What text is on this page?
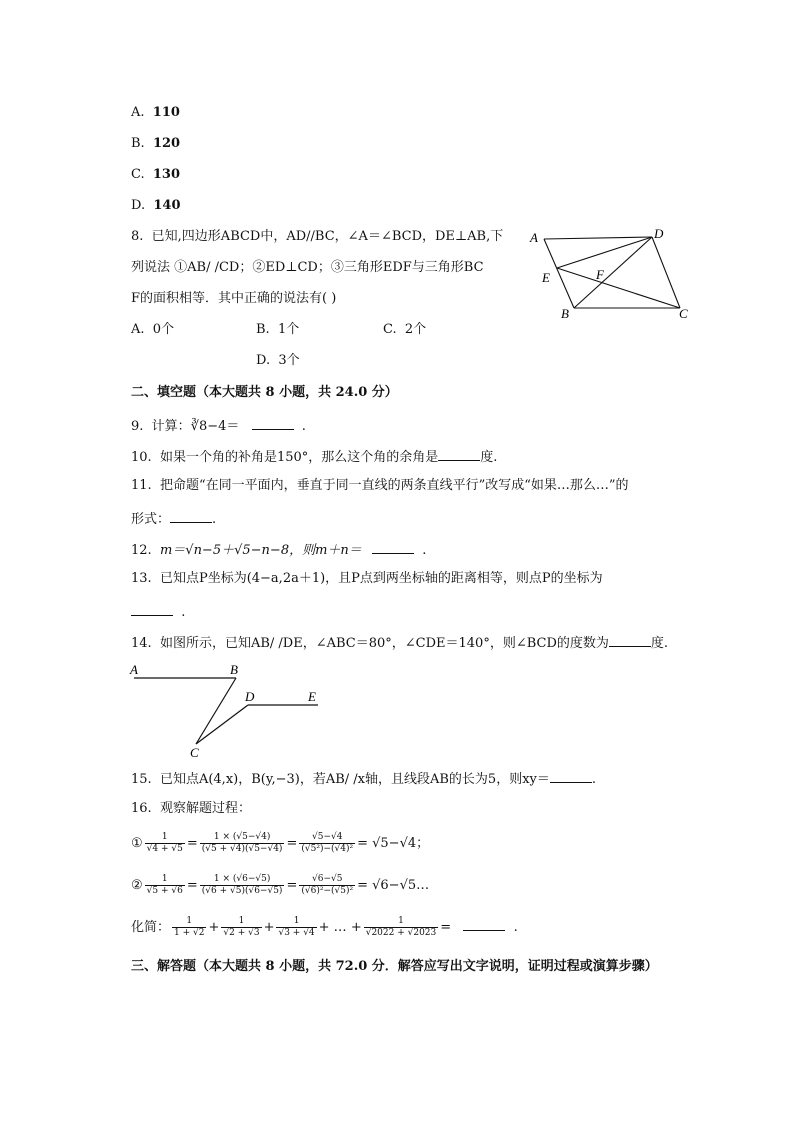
A. 110
B. 120
C. 130
D. 140
8. 已知,四边形ABCD中，AD//BC，∠A＝∠BCD，DE⊥AB,下
列说法 ①AB/ /CD；②ED⊥CD；③三角形EDF与三角形BC
F的面积相等．其中正确的说法有( )
A. 0个	B. 1个	C. 2个
D. 3个
A	D
E	F
B	C
二、填空题（本大题共 8 小题，共 24.0 分）
9. 计算：∛8−4＝	.
10. 如果一个角的补角是150°，那么这个角的余角是	度.
11. 把命题“在同一平面内，垂直于同一直线的两条直线平行”改写成“如果…那么…”的
形式：	.
12. m＝√n−5＋√5−n−8，则m＋n＝	.
13. 已知点P坐标为(4−a,2a＋1)，且P点到两坐标轴的距离相等，则点P的坐标为
.
14. 如图所示，已知AB/ /DE，∠ABC＝80°，∠CDE＝140°，则∠BCD的度数为	度.
A	B
D	E
C
15. 已知点A(4,x)，B(y,−3)，若AB/ /x轴，且线段AB的长为5，则xy＝	.
16. 观察解题过程：
① $\frac{1}{√4 + √5} = \frac{1 \times (√5-√4)}{(√5 + √4)(√5-√4)} = \frac{√5-√4}{\text{(√5²)−(√4)²}} = √5-√4$；
② $\frac{1}{√5 + √6} = \frac{1 \times (√6-√5)}{(√6 + √5)(√6-√5)} = \frac{√6-√5}{\text{(√6)²−(√5)²}}$ = √6−√5…
化简： $\frac{1}{1 + √2} + \frac{1}{√2 + √3} + \frac{1}{√3 + √4}$ + … + $\frac{1}{√2022 + √2023}$ =	.
三、解答题（本大题共 8 小题，共 72.0 分．解答应写出文字说明，证明过程或演算步骤）
